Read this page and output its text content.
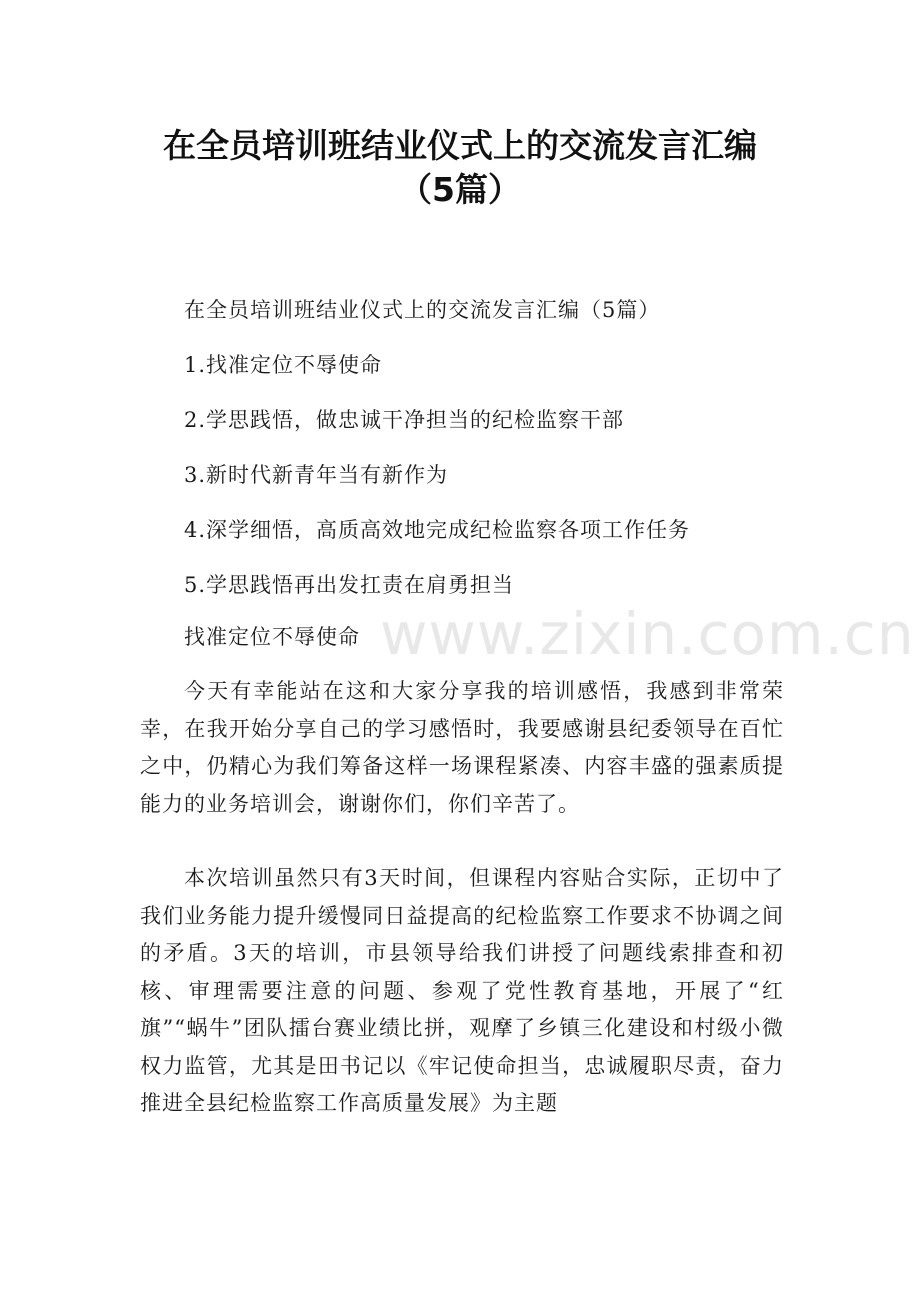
在全员培训班结业仪式上的交流发言汇编
（5篇）
在全员培训班结业仪式上的交流发言汇编（5篇）
1.找准定位不辱使命
2.学思践悟，做忠诚干净担当的纪检监察干部
3.新时代新青年当有新作为
4.深学细悟，高质高效地完成纪检监察各项工作任务
5.学思践悟再出发扛责在肩勇担当

找准定位不辱使命

今天有幸能站在这和大家分享我的培训感悟，我感到非常荣幸，在我开始分享自己的学习感悟时，我要感谢县纪委领导在百忙之中，仍精心为我们筹备这样一场课程紧凑、内容丰盛的强素质提能力的业务培训会，谢谢你们，你们辛苦了。

本次培训虽然只有3天时间，但课程内容贴合实际，正切中了我们业务能力提升缓慢同日益提高的纪检监察工作要求不协调之间的矛盾。3天的培训，市县领导给我们讲授了问题线索排查和初核、审理需要注意的问题、参观了党性教育基地，开展了“红旗”“蜗牛”团队擂台赛业绩比拼，观摩了乡镇三化建设和村级小微权力监管，尤其是田书记以《牢记使命担当，忠诚履职尽责，奋力推进全县纪检监察工作高质量发展》为主题

www.zixin.com.cn
